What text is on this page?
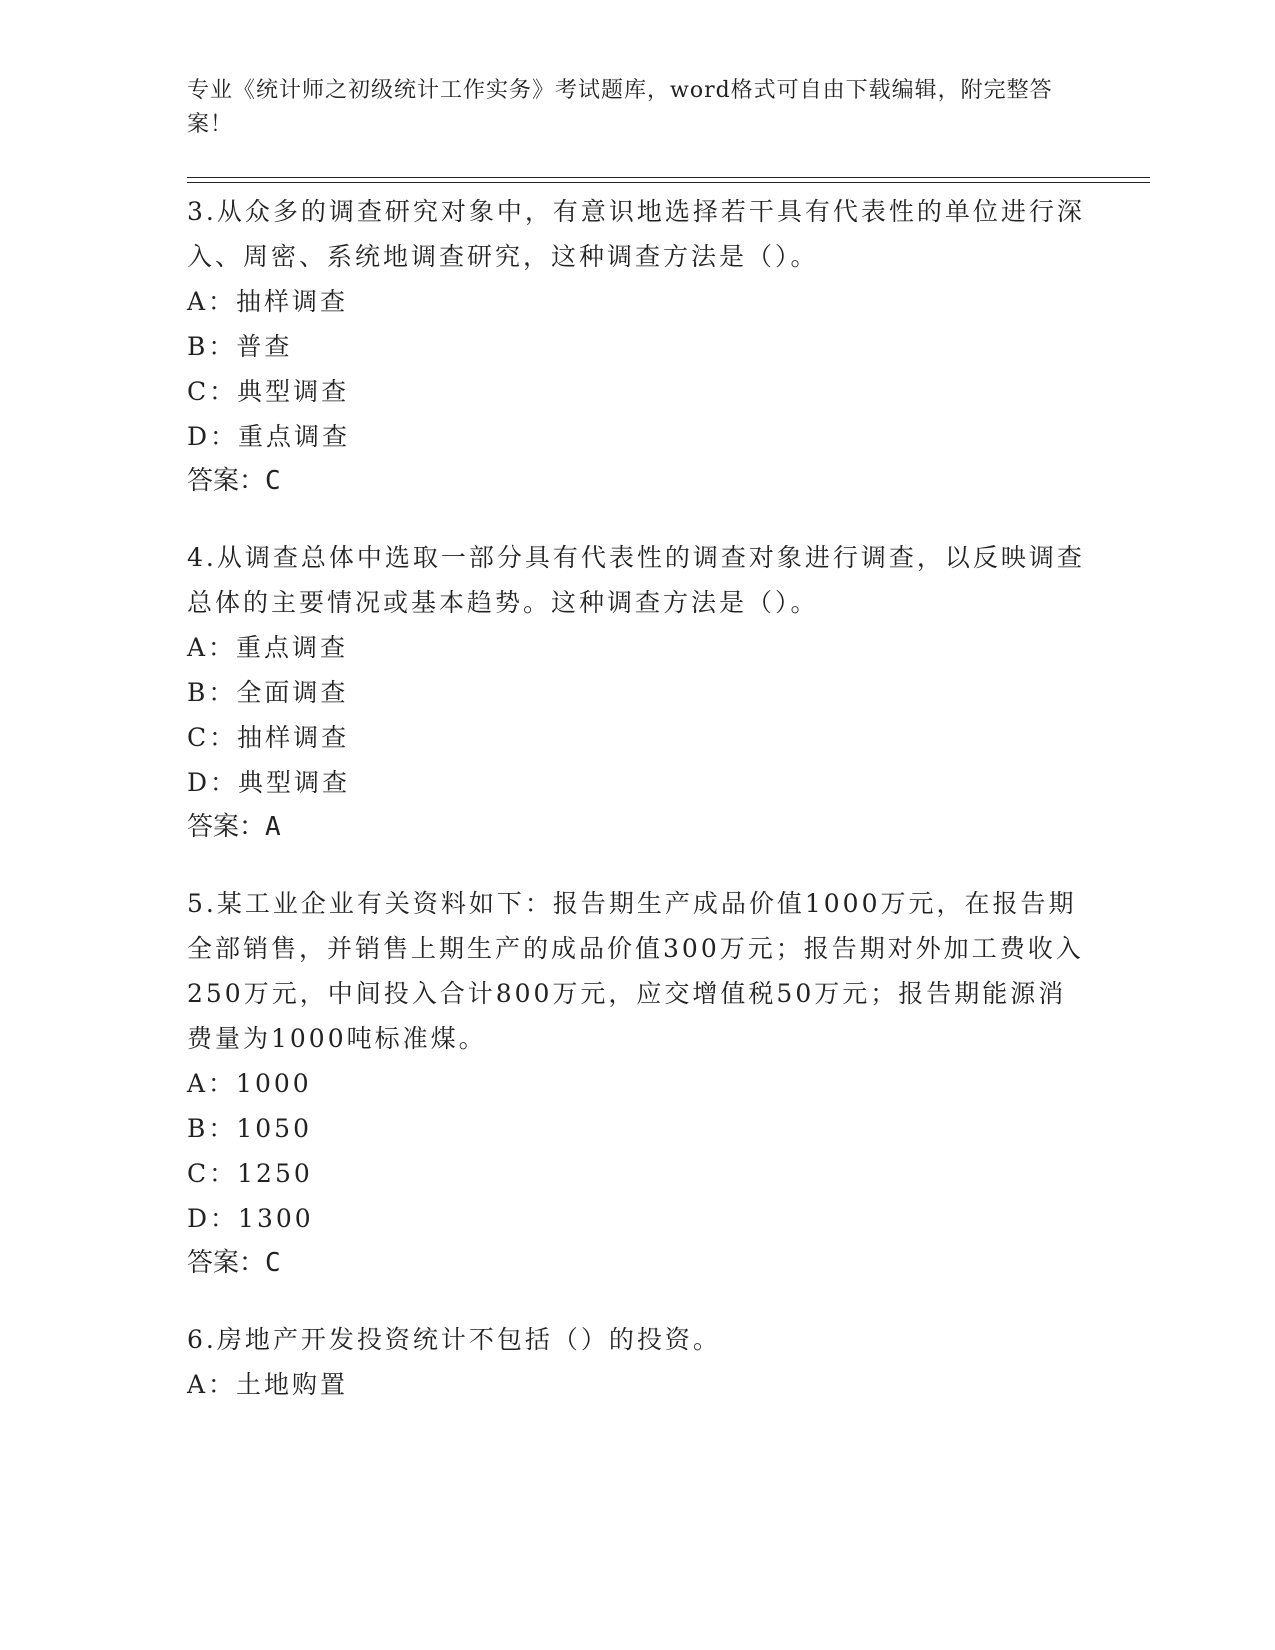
专业《统计师之初级统计工作实务》考试题库，word格式可自由下载编辑，附完整答案！

3.从众多的调查研究对象中，有意识地选择若干具有代表性的单位进行深入、周密、系统地调查研究，这种调查方法是（）。

A：抽样调查

B：普查

C：典型调查

D：重点调查

答案：C

4.从调查总体中选取一部分具有代表性的调查对象进行调查，以反映调查总体的主要情况或基本趋势。这种调查方法是（）。

A：重点调查

B：全面调查

C：抽样调查

D：典型调查

答案：A

5.某工业企业有关资料如下：报告期生产成品价值1000万元，在报告期全部销售，并销售上期生产的成品价值300万元；报告期对外加工费收入250万元，中间投入合计800万元，应交增值税50万元；报告期能源消费量为1000吨标准煤。

A：1000

B：1050

C：1250

D：1300

答案：C

6.房地产开发投资统计不包括（）的投资。

A：土地购置
